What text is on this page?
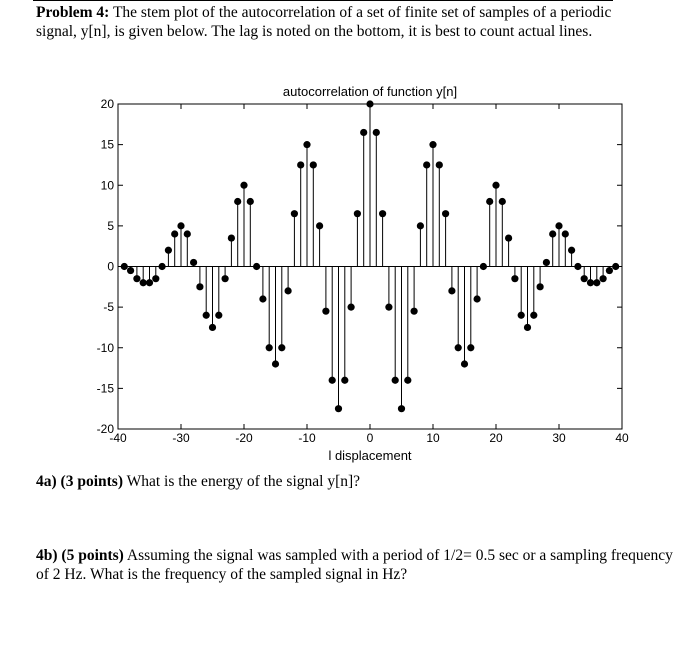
Problem 4: The stem plot of the autocorrelation of a set of finite set of samples of a periodic signal, y[n], is given below. The lag is noted on the bottom, it is best to count actual lines.
-40	-30	-20	-10	0	10	20	30	40
20
15
10
5
0
-5
-10
-15
-20
autocorrelation of function y[n]
l displacement
4a) (3 points) What is the energy of the signal y[n]?
4b) (5 points) Assuming the signal was sampled with a period of 1/2= 0.5 sec or a sampling frequency of 2 Hz. What is the frequency of the sampled signal in Hz?
